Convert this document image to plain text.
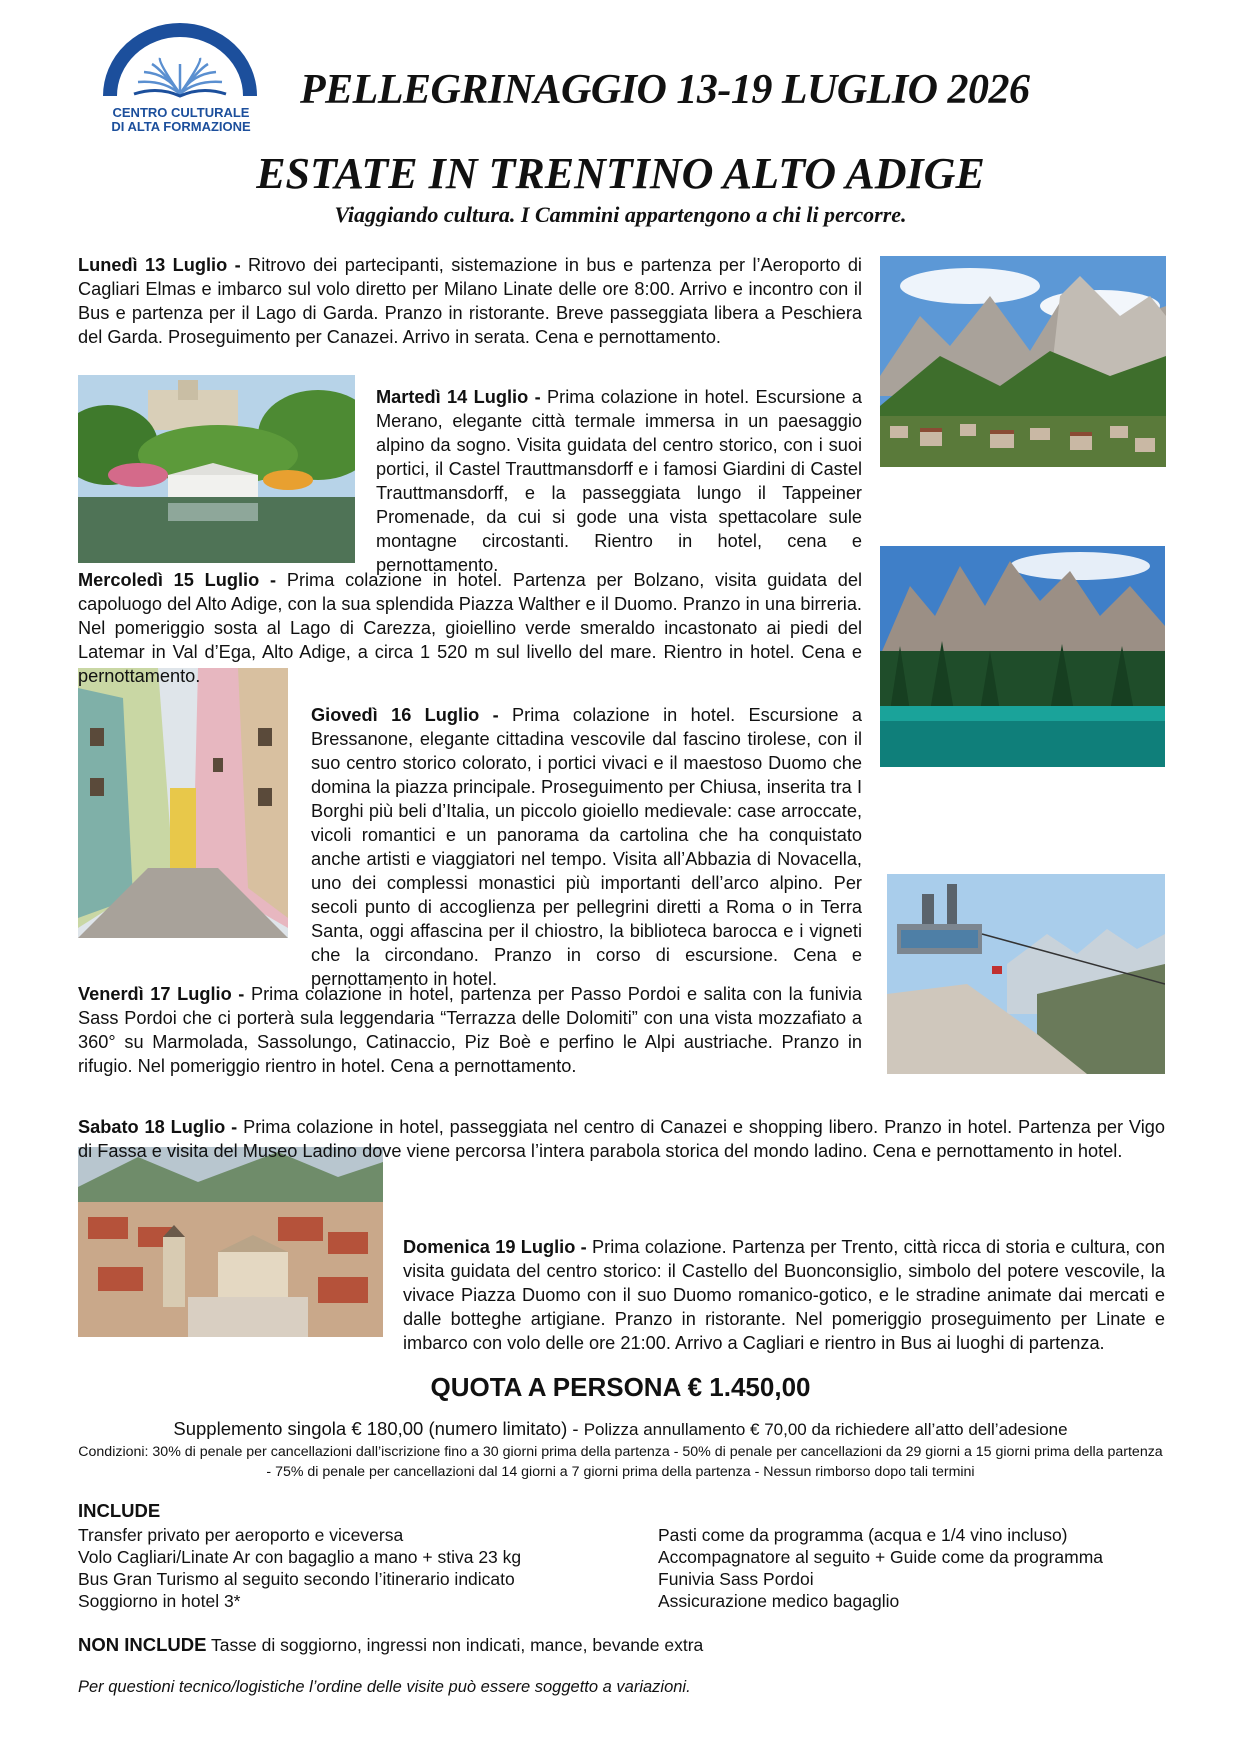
CENTRO CULTURALE
DI ALTA FORMAZIONE
PELLEGRINAGGIO 13-19 LUGLIO 2026
ESTATE IN TRENTINO ALTO ADIGE
Viaggiando cultura. I Cammini appartengono a chi li percorre.
Lunedì 13 Luglio - Ritrovo dei partecipanti, sistemazione in bus e partenza per l’Aeroporto di Cagliari Elmas e imbarco sul volo diretto per Milano Linate delle ore 8:00. Arrivo e incontro con il Bus e partenza per il Lago di Garda. Pranzo in ristorante. Breve passeggiata libera a Peschiera del Garda. Proseguimento per Canazei. Arrivo in serata. Cena e pernottamento.
Martedì 14 Luglio - Prima colazione in hotel. Escursione a Merano, elegante città termale immersa in un paesaggio alpino da sogno. Visita guidata del centro storico, con i suoi portici, il Castel Trauttmansdorff e i famosi Giardini di Castel Trauttmansdorff, e la passeggiata lungo il Tappeiner Promenade, da cui si gode una vista spettacolare sule montagne circostanti. Rientro in hotel, cena e pernottamento.
Mercoledì 15 Luglio - Prima colazione in hotel. Partenza per Bolzano, visita guidata del capoluogo del Alto Adige, con la sua splendida Piazza Walther e il Duomo. Pranzo in una birreria. Nel pomeriggio sosta al Lago di Carezza, gioiellino verde smeraldo incastonato ai piedi del Latemar in Val d’Ega, Alto Adige, a circa 1 520 m sul livello del mare. Rientro in hotel. Cena e pernottamento.
Giovedì 16 Luglio - Prima colazione in hotel. Escursione a Bressanone, elegante cittadina vescovile dal fascino tirolese, con il suo centro storico colorato, i portici vivaci e il maestoso Duomo che domina la piazza principale. Proseguimento per Chiusa, inserita tra I Borghi più beli d’Italia, un piccolo gioiello medievale: case arroccate, vicoli romantici e un panorama da cartolina che ha conquistato anche artisti e viaggiatori nel tempo. Visita all’Abbazia di Novacella, uno dei complessi monastici più importanti dell’arco alpino. Per secoli punto di accoglienza per pellegrini diretti a Roma o in Terra Santa, oggi affascina per il chiostro, la biblioteca barocca e i vigneti che la circondano. Pranzo in corso di escursione. Cena e pernottamento in hotel.
Venerdì 17 Luglio - Prima colazione in hotel, partenza per Passo Pordoi e salita con la funivia Sass Pordoi che ci porterà sula leggendaria “Terrazza delle Dolomiti” con una vista mozzafiato a 360° su Marmolada, Sassolungo, Catinaccio, Piz Boè e perfino le Alpi austriache. Pranzo in rifugio. Nel pomeriggio rientro in hotel. Cena a pernottamento.
Sabato 18 Luglio - Prima colazione in hotel, passeggiata nel centro di Canazei e shopping libero. Pranzo in hotel. Partenza per Vigo di Fassa e visita del Museo Ladino dove viene percorsa l’intera parabola storica del mondo ladino. Cena e pernottamento in hotel.
Domenica 19 Luglio - Prima colazione. Partenza per Trento, città ricca di storia e cultura, con visita guidata del centro storico: il Castello del Buonconsiglio, simbolo del potere vescovile, la vivace Piazza Duomo con il suo Duomo romanico-gotico, e le stradine animate dai mercati e dalle botteghe artigiane. Pranzo in ristorante. Nel pomeriggio proseguimento per Linate e imbarco con volo delle ore 21:00. Arrivo a Cagliari e rientro in Bus ai luoghi di partenza.
QUOTA A PERSONA € 1.450,00
Supplemento singola € 180,00 (numero limitato) - Polizza annullamento € 70,00 da richiedere all’atto dell’adesione
Condizioni: 30% di penale per cancellazioni dall’iscrizione fino a 30 giorni prima della partenza - 50% di penale per cancellazioni da 29 giorni a 15 giorni prima della partenza - 75% di penale per cancellazioni dal 14 giorni a 7 giorni prima della partenza - Nessun rimborso dopo tali termini
INCLUDE
Transfer privato per aeroporto e viceversa
Volo Cagliari/Linate Ar con bagaglio a mano + stiva 23 kg
Bus Gran Turismo al seguito secondo l’itinerario indicato
Soggiorno in hotel 3*
Pasti come da programma (acqua e 1/4 vino incluso)
Accompagnatore al seguito + Guide come da programma
Funivia Sass Pordoi
Assicurazione medico bagaglio
NON INCLUDE Tasse di soggiorno, ingressi non indicati, mance, bevande extra
Per questioni tecnico/logistiche l’ordine delle visite può essere soggetto a variazioni.
